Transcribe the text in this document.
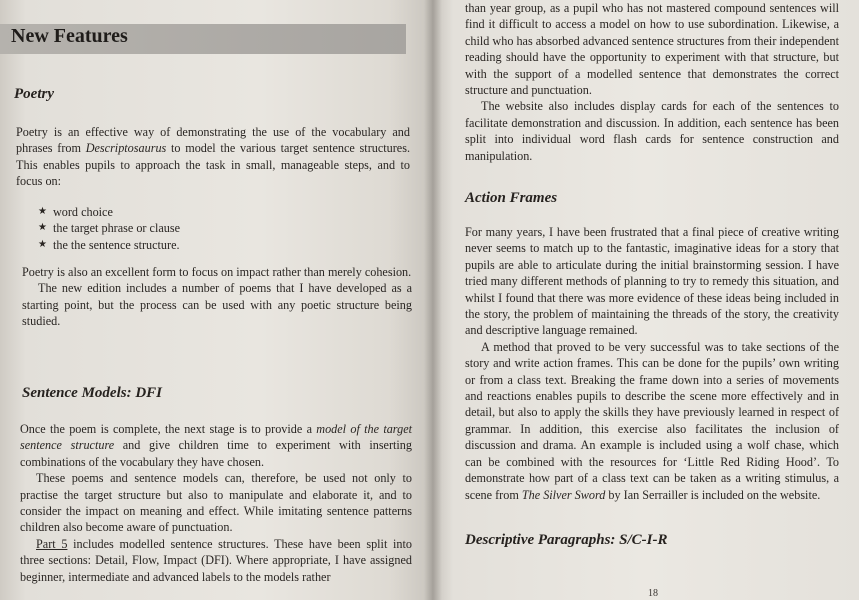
New Features
Poetry

Poetry is an effective way of demonstrating the use of the vocabulary and phrases from Descriptosaurus to model the various target sentence structures. This enables pupils to approach the task in small, manageable steps, and to focus on:

★ word choice
★ the target phrase or clause
★ the the sentence structure.

Poetry is also an excellent form to focus on impact rather than merely cohesion.

The new edition includes a number of poems that I have developed as a starting point, but the process can be used with any poetic structure being studied.

Sentence Models: DFI

Once the poem is complete, the next stage is to provide a model of the target sentence structure and give children time to experiment with inserting combinations of the vocabulary they have chosen.

These poems and sentence models can, therefore, be used not only to practise the target structure but also to manipulate and elaborate it, and to consider the impact on meaning and effect. While imitating sentence patterns children also become aware of punctuation.

Part 5 includes modelled sentence structures. These have been split into three sections: Detail, Flow, Impact (DFI). Where appropriate, I have assigned beginner, intermediate and advanced labels to the models rather

than year group, as a pupil who has not mastered compound sentences will find it difficult to access a model on how to use subordination. Likewise, a child who has absorbed advanced sentence structures from their independent reading should have the opportunity to experiment with that structure, but with the support of a modelled sentence that demonstrates the correct structure and punctuation.

The website also includes display cards for each of the sentences to facilitate demonstration and discussion. In addition, each sentence has been split into individual word flash cards for sentence construction and manipulation.

Action Frames

For many years, I have been frustrated that a final piece of creative writing never seems to match up to the fantastic, imaginative ideas for a story that pupils are able to articulate during the initial brainstorming session. I have tried many different methods of planning to try to remedy this situation, and whilst I found that there was more evidence of these ideas being included in the story, the problem of maintaining the threads of the story, the creativity and descriptive language remained.

A method that proved to be very successful was to take sections of the story and write action frames. This can be done for the pupils’ own writing or from a class text. Breaking the frame down into a series of movements and reactions enables pupils to describe the scene more effectively and in detail, but also to apply the skills they have previously learned in respect of grammar. In addition, this exercise also facilitates the inclusion of discussion and drama. An example is included using a wolf chase, which can be combined with the resources for ‘Little Red Riding Hood’. To demonstrate how part of a class text can be taken as a writing stimulus, a scene from The Silver Sword by Ian Serrailler is included on the website.

Descriptive Paragraphs: S/C-I-R
18
